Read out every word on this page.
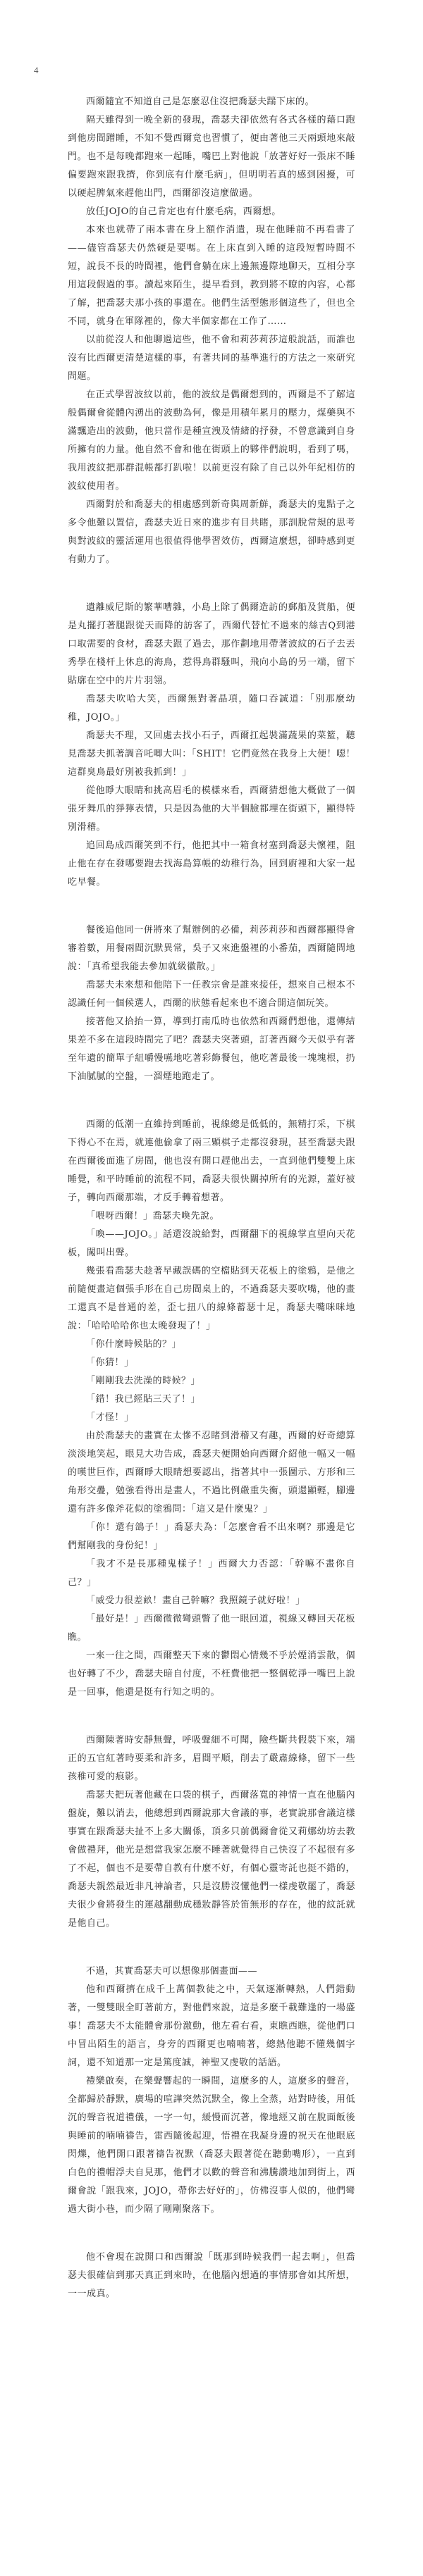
4

西爾隨宜不知道自己是怎麼忍住沒把喬瑟夫踹下床的。

隔天雖得到一晚全新的發現，喬瑟夫卻依然有各式各樣的藉口跑到他房間蹭睡，不知不覺西爾竟也習慣了，便由著他三天兩頭地來敲門。也不是每晚都跑來一起睡，嘴巴上對他說「放著好好一張床不睡偏要跑來跟我擠，你到底有什麼毛病」，但明明若真的感到困擾，可以硬起脾氣來趕他出門，西爾卻沒這麼做過。

放任JOJO的自己肯定也有什麼毛病，西爾想。

本來也就帶了兩本書在身上額作消遣，現在他睡前不再看書了——儘管喬瑟夫仍然硬是要嗎。在上床直到入睡的這段短暫時間不短，說長不長的時間裡，他們會躺在床上邊無邊際地聊天，互相分享用這段假過的事。讀起來陌生，提早看到，教到將不瞭的內容，心都了解，把喬瑟夫那小孩的事還在。他們生活型態形個這些了，但也全不同，就身在軍隊裡的，像大半個家都在工作了……

以前從沒人和他聊過這些，他不會和莉莎莉莎這般說話，而誰也沒有比西爾更清楚這樣的事，有著共同的基準進行的方法之一來研究問題。

在正式學習波紋以前，他的波紋是偶爾想到的，西爾是不了解這般偶爾會從體內湧出的波動為何，像是用積年累月的壓力，煤藥與不滿飄造出的波動，他只當作是種宣洩及情緒的抒發，不曾意識到自身所擁有的力量。他自然不會和他在街頭上的夥伴們說明，看到了嗎，我用波紋把那群混帳都打趴啦！以前更沒有除了自己以外年紀相仿的波紋使用者。

西爾對於和喬瑟夫的相處感到新奇與周新鮮，喬瑟夫的鬼點子之多令他難以置信，喬瑟夫近日來的進步有目共睹，那訓脫常規的思考與對波紋的靈活運用也很值得他學習效仿，西爾這麼想，卻時感到更有動力了。

遺離威尼斯的繁華嘈雜，小島上除了偶爾造訪的郵船及貨船，便是丸擺打著腿跟從天而降的訪客了，西爾代替忙不過來的絲吉Q到港口取需要的食材，喬瑟夫跟了過去，那作劃地用帶著波紋的石子去丟秀學在棧杆上休息的海鳥，惹得鳥群騷叫，飛向小島的另一端，留下貼廓在空中的片片羽翎。

喬瑟夫吹哈大笑，西爾無對著晶項，隨口吞誠道：「別那麼幼稚，JOJO。」

喬瑟夫不理，又回處去找小石子，西爾扛起裝滿蔬果的菜籃，聽見喬瑟夫抓著調音吒唧大叫：「SHIT！它們竟然在我身上大便！噁！這群臭鳥最好別被我抓到！」

從他睜大眼睛和挑高眉毛的模樣來看，西爾猜想他大概做了一個張牙舞爪的猙獰表情，只是因為他的大半個臉都埋在街頭下，顯得特別滑稽。

追回島成西爾笑到不行，他把其中一箱食材塞到喬瑟夫懷裡，阻止他在存在發哪要跑去找海島算帳的幼稚行為，回到廚裡和大家一起吃早餐。

餐後追他同一併將來了幫辦例的必備，莉莎莉莎和西爾都顯得會審着數，用餐兩間沉默異常，吳子又來進盤裡的小番茄，西爾隨問地說：「真希望我能去參加就級徽散。」

喬瑟夫未來想和他陪下一任教宗會是誰來接任，想來自己根本不認識任何一個候選人，西爾的狀態看起來也不適合開這個玩笑。

接著他又拾抬一算，導到打南瓜時也依然和西爾們想他，還傳結果差不多在這段時間完了吧？喬瑟夫突著頭，訂著西爾今天似乎有著至年遺的簡單子紐嚼慢嚥地吃著彩飾餐包，他吃著最後一塊塊根，扔下油膩膩的空盤，一溜煙地跑走了。

西爾的低潮一直維持到睡前，視線總是低低的，無精打采，下棋下得心不在焉，就連他偷拿了兩三顆棋子走都沒發現，甚至喬瑟夫跟在西爾後面進了房間，他也沒有開口趕他出去，一直到他們雙雙上床睡覺，和平時睡前的流程不同，喬瑟夫很快關掉所有的光源，蓋好被子，轉向西爾那端，才反手轉着想著。

「喂呀西爾！」喬瑟夫喚先說。

「喚——JOJO。」話還沒說給對，西爾翻下的視線掌直望向天花板，闖叫出聲。

幾張看喬瑟夫趁著早藏誤碼的空檔貼到天花板上的塗鴉，是他之前隨便畫這個張手形在自己房間桌上的，不過喬瑟夫要吹嘴，他的畫工還真不是普通的差，歪七扭八的線條蓄瑟十足，喬瑟夫嘴咪咪地說：「哈哈哈哈你也太晚發現了！」

「你什麼時候貼的？」

「你猜！」

「剛剛我去洗澡的時候？」

「錯！我已經貼三天了！」

「才怪！」

由於喬瑟夫的畫實在太慘不忍睹到滑稽又有趣，西爾的好奇總算淡淡地笑起，眼見大功告成，喬瑟夫便開始向西爾介紹他一幅又一幅的嘆世巨作，西爾睜大眼睛想要認出，指著其中一張圖示、方形和三角形交疊，勉強看得出是畫人，不過比例嚴重失衡，頭還顯輕，腳邊還有許多像斧花似的塗鴉問：「這又是什麼鬼？」

「你！還有鴿子！」喬瑟夫為：「怎麼會看不出來啊？那邊是它們幫剛我的身份紀！」

「我才不是長那種鬼樣子！」西爾大力否認：「幹嘛不畫你自己？」

「威受力很差畝！畫自己幹嘛？我照鏡子就好啦！」

「最好是！」西爾微微彎頭瞥了他一眼回道，視線又轉回天花板瞧。

一來一往之間，西爾整天下來的鬱悶心情幾不乎於煙消雲散，個也好轉了不少，喬瑟夫暗自付度，不枉費他把一整個乾淨一嘴巴上說是一回事，他還是挺有行知之明的。

西爾陳著時安靜無聲，呼吸聲細不可聞，險些斷共假裝下來，端正的五官紅著時要柔和許多，眉間平順，削去了嚴肅線條，留下一些孩稚可愛的痕影。

喬瑟夫把玩著他藏在口袋的棋子，西爾落寬的神情一直在他腦內盤旋，難以消去，他總想到西爾說那大會議的事，老實說那會議這樣事實在跟喬瑟夫扯不上多大關係，頂多只前偶爾會從又莉娜幼坊去教會做禮拜，他光是想當我家怎麼不睡著就覺得自己快沒了不起很有多了不起，個也不是要帶自教有什麼不好，有個心靈寄託也挺不錯的，喬瑟夫親然最近非凡神論者，只是沒勝沒懂他們一樣虔敬罷了，喬瑟夫很少會將發生的運越翻動成穩妝靜答於笛無形的存在，他的紋託就是他自己。

不過，其實喬瑟夫可以想像那個畫面——

他和西爾擠在成千上萬個教徒之中，天氣逐漸轉熱，人們錯動著，一雙雙眼全盯著前方，對他們來說，這是多麼千載難逢的一場盛事！喬瑟夫不太能體會那份激動，他左看右看，東瞧西瞧，從他們口中冒出陌生的語言，身旁的西爾更也喃喃著，總熱他聽不懂幾個字詞，還不知道那一定是篤度誠，神聖又虔敬的話語。

禮樂啟奏，在樂聲響起的一瞬間，這麼多的人，這麼多的聲音，全都歸於靜默，廣場的喧譁突然沉默全，像上全蒸，站對時後，用低沉的聲音祝道禮儀，一字一句，緩慢而沉著，像地經又前在脫面飯後與睡前的喃喃禱告，雷西隨後起迎，悟禮在我凝身邊的祝天在他眼底閃爍，他們開口跟著禱告祝默（喬瑟夫跟著從在聽動嘴形），一直到白色的禮帽浮夫自見那，他們才以歡的聲音和沸騰讚地加到街上，西爾會說「跟我來，JOJO，帶你去好好的」，仿佛沒事人似的，他們彎過大街小巷，而少隔了剛剛聚落下。

他不會現在說開口和西爾說「既那到時候我們一起去啊」，但喬瑟夫很確信到那天真正到來時，在他腦內想過的事情那會如其所想，一一成真。
